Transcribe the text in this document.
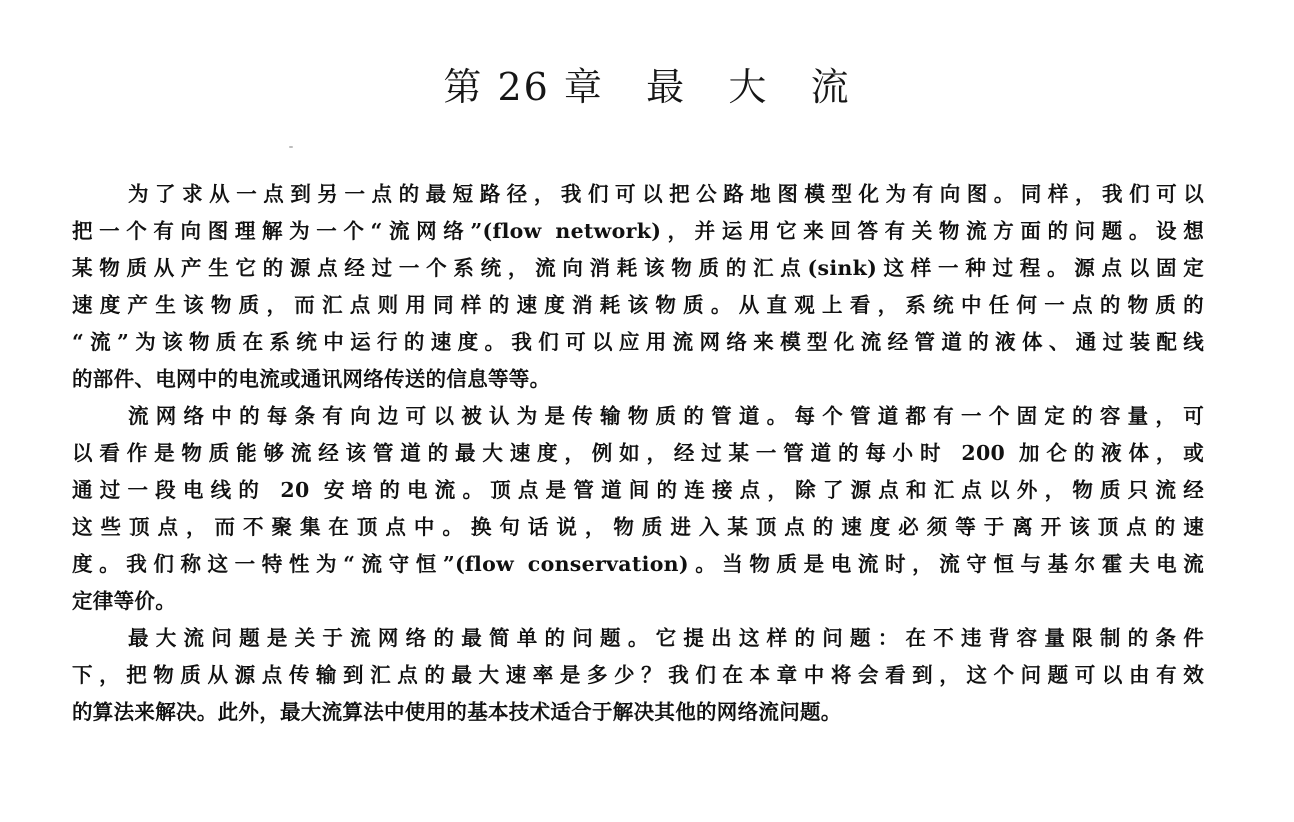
第 26 章   最   大   流
为了求从一点到另一点的最短路径，我们可以把公路地图模型化为有向图。同样，我们可以
把一个有向图理解为一个“流网络”(flow network)，并运用它来回答有关物流方面的问题。设想
某物质从产生它的源点经过一个系统，流向消耗该物质的汇点(sink)这样一种过程。源点以固定
速度产生该物质，而汇点则用同样的速度消耗该物质。从直观上看，系统中任何一点的物质的
“流”为该物质在系统中运行的速度。我们可以应用流网络来模型化流经管道的液体、通过装配线
的部件、电网中的电流或通讯网络传送的信息等等。
流网络中的每条有向边可以被认为是传输物质的管道。每个管道都有一个固定的容量，可
以看作是物质能够流经该管道的最大速度，例如，经过某一管道的每小时 200 加仑的液体，或
通过一段电线的 20 安培的电流。顶点是管道间的连接点，除了源点和汇点以外，物质只流经
这些顶点，而不聚集在顶点中。换句话说，物质进入某顶点的速度必须等于离开该顶点的速
度。我们称这一特性为“流守恒”(flow conservation)。当物质是电流时，流守恒与基尔霍夫电流
定律等价。
最大流问题是关于流网络的最简单的问题。它提出这样的问题：在不违背容量限制的条件
下，把物质从源点传输到汇点的最大速率是多少？我们在本章中将会看到，这个问题可以由有效
的算法来解决。此外，最大流算法中使用的基本技术适合于解决其他的网络流问题。
